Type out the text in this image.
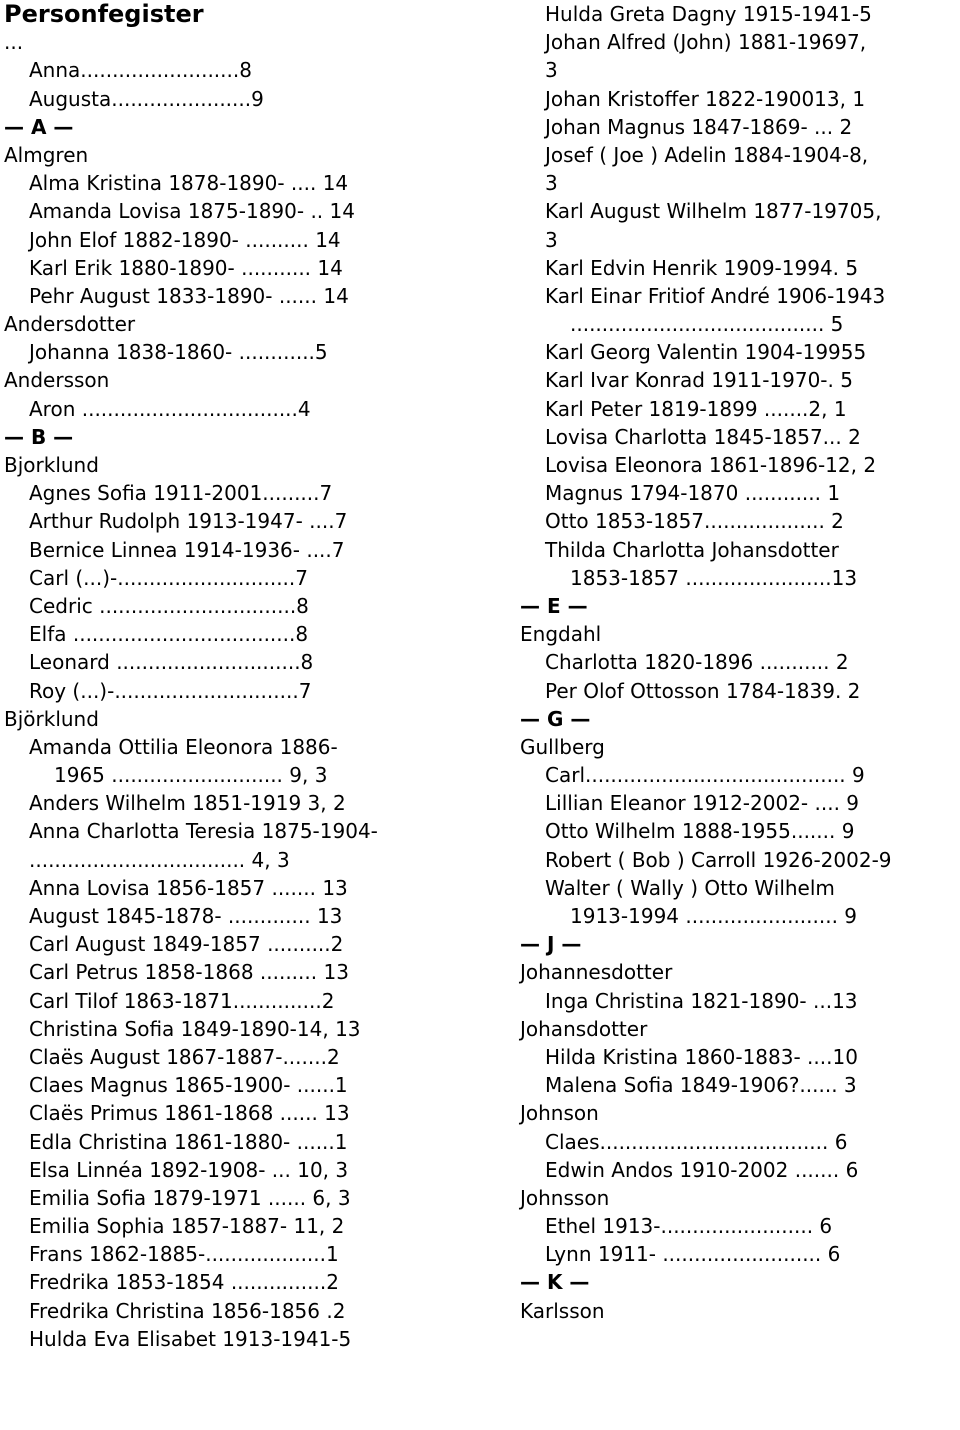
Personfegister
...
Anna.........................8
Augusta......................9
— A —
Almgren
Alma Kristina 1878-1890- .... 14
Amanda Lovisa 1875-1890- .. 14
John Elof 1882-1890- .......... 14
Karl Erik 1880-1890- ........... 14
Pehr August 1833-1890- ...... 14
Andersdotter
Johanna 1838-1860- ............5
Andersson
Aron ..................................4
— B —
Bjorklund
Agnes Sofia 1911-2001.........7
Arthur Rudolph 1913-1947- ....7
Bernice Linnea 1914-1936- ....7
Carl (...)-............................7
Cedric ...............................8
Elfa ...................................8
Leonard .............................8
Roy (...)-.............................7
Björklund
Amanda Ottilia Eleonora 1886-
1965 ........................... 9, 3
Anders Wilhelm 1851-1919 3, 2
Anna Charlotta Teresia 1875-1904-
.................................. 4, 3
Anna Lovisa 1856-1857 ....... 13
August 1845-1878- ............. 13
Carl August 1849-1857 ..........2
Carl Petrus 1858-1868 ......... 13
Carl Tilof 1863-1871..............2
Christina Sofia 1849-1890-14, 13
Claës August 1867-1887-.......2
Claes Magnus 1865-1900- ......1
Claës Primus 1861-1868 ...... 13
Edla Christina 1861-1880- ......1
Elsa Linnéa 1892-1908- ... 10, 3
Emilia Sofia 1879-1971 ...... 6, 3
Emilia Sophia 1857-1887- 11, 2
Frans 1862-1885-...................1
Fredrika 1853-1854 ...............2
Fredrika Christina 1856-1856 .2
Hulda Eva Elisabet 1913-1941-5
Hulda Greta Dagny 1915-1941-5
Johan Alfred (John) 1881-19697,
3
Johan Kristoffer 1822-190013, 1
Johan Magnus 1847-1869- ... 2
Josef ( Joe ) Adelin 1884-1904-8,
3
Karl August Wilhelm 1877-19705,
3
Karl Edvin Henrik 1909-1994. 5
Karl Einar Fritiof André 1906-1943
........................................ 5
Karl Georg Valentin 1904-19955
Karl Ivar Konrad 1911-1970-. 5
Karl Peter 1819-1899 .......2, 1
Lovisa Charlotta 1845-1857... 2
Lovisa Eleonora 1861-1896-12, 2
Magnus 1794-1870 ............ 1
Otto 1853-1857................... 2
Thilda Charlotta Johansdotter
1853-1857 .......................13
— E —
Engdahl
Charlotta 1820-1896 ........... 2
Per Olof Ottosson 1784-1839. 2
— G —
Gullberg
Carl......................................... 9
Lillian Eleanor 1912-2002- .... 9
Otto Wilhelm 1888-1955....... 9
Robert ( Bob ) Carroll 1926-2002-9
Walter ( Wally ) Otto Wilhelm
1913-1994 ........................ 9
— J —
Johannesdotter
Inga Christina 1821-1890- ...13
Johansdotter
Hilda Kristina 1860-1883- ....10
Malena Sofia 1849-1906?...... 3
Johnson
Claes.................................... 6
Edwin Andos 1910-2002 ....... 6
Johnsson
Ethel 1913-........................ 6
Lynn 1911- ......................... 6
— K —
Karlsson
